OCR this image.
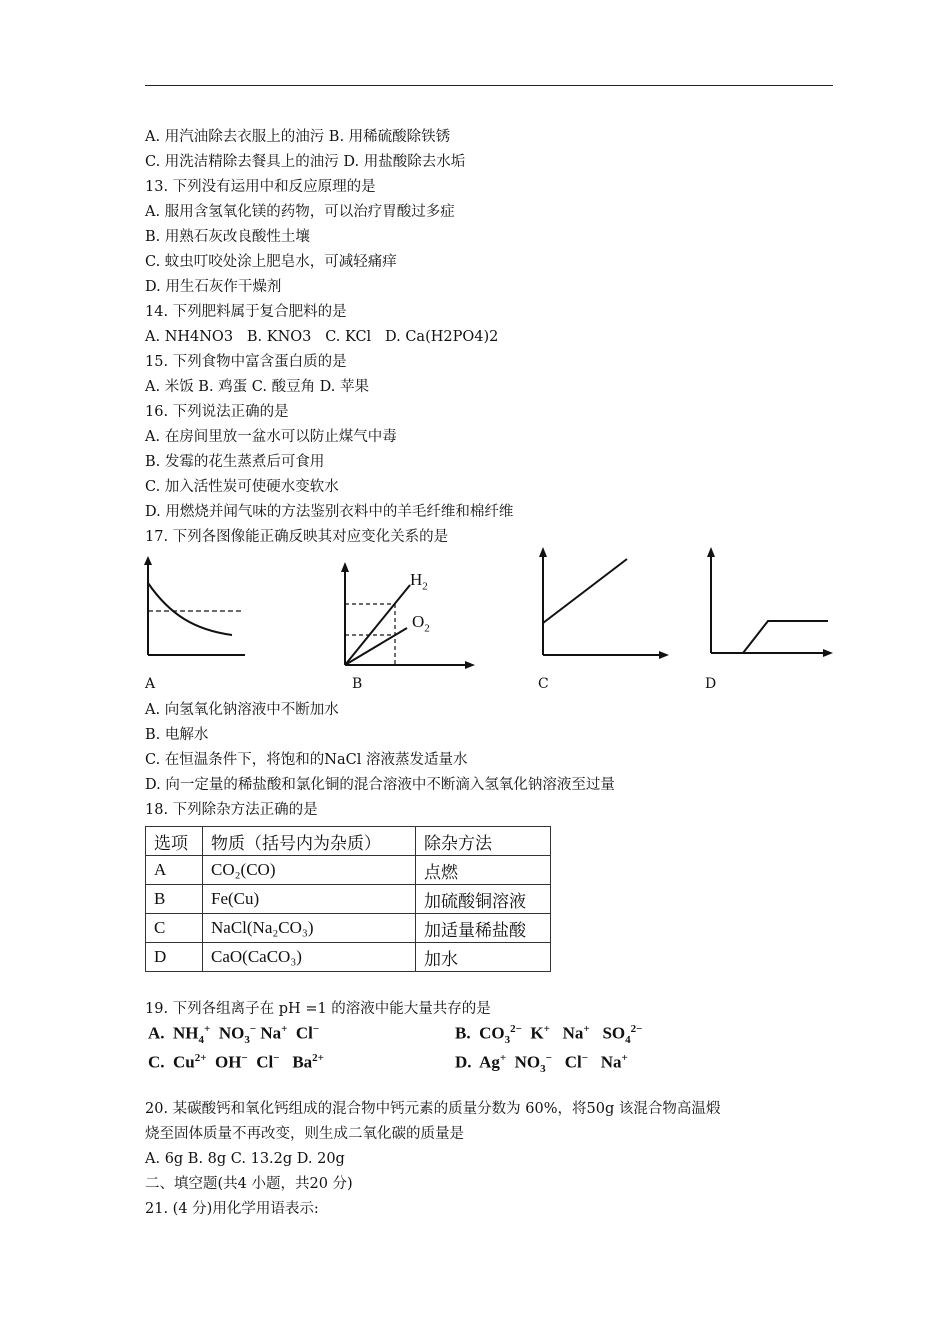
A. 用汽油除去衣服上的油污 B. 用稀硫酸除铁锈
C. 用洗洁精除去餐具上的油污 D. 用盐酸除去水垢
13. 下列没有运用中和反应原理的是
A. 服用含氢氧化镁的药物，可以治疗胃酸过多症
B. 用熟石灰改良酸性土壤
C. 蚊虫叮咬处涂上肥皂水，可减轻痛痒
D. 用生石灰作干燥剂
14. 下列肥料属于复合肥料的是
A. NH4NO3   B. KNO3   C. KCl   D. Ca(H2PO4)2
15. 下列食物中富含蛋白质的是
A. 米饭 B. 鸡蛋 C. 酸豆角 D. 苹果
16. 下列说法正确的是
A. 在房间里放一盆水可以防止煤气中毒
B. 发霉的花生蒸煮后可食用
C. 加入活性炭可使硬水变软水
D. 用燃烧并闻气味的方法鉴别衣料中的羊毛纤维和棉纤维
17. 下列各图像能正确反映其对应变化关系的是
$H_2$
$O_2$
A	B	C	D
A. 向氢氧化钠溶液中不断加水
B. 电解水
C. 在恒温条件下，将饱和的NaCl 溶液蒸发适量水
D. 向一定量的稀盐酸和氯化铜的混合溶液中不断滴入氢氧化钠溶液至过量
18. 下列除杂方法正确的是
选项	物质（括号内为杂质）	除杂方法
A	CO₂(CO)	点燃
B	Fe(Cu)	加硫酸铜溶液
C	NaCl(Na₂CO₃)	加适量稀盐酸
D	CaO(CaCO₃)	加水
19. 下列各组离子在 pH =1 的溶液中能大量共存的是
A.  $NH_4^+$  $NO_3^-$ Na+  Cl−	B.  $CO_3^{2-}$  K+   Na+   $SO_4^{2-}$
C.  $Cu^{2+}$  OH−  Cl−   $Ba^{2+}$	D.  Ag+  $NO_3^-$   Cl−   Na+
20. 某碳酸钙和氧化钙组成的混合物中钙元素的质量分数为 60%，将50g 该混合物高温煅
烧至固体质量不再改变，则生成二氧化碳的质量是
A. 6g B. 8g C. 13.2g D. 20g
二、填空题(共4 小题，共20 分)
21. (4 分)用化学用语表示:
